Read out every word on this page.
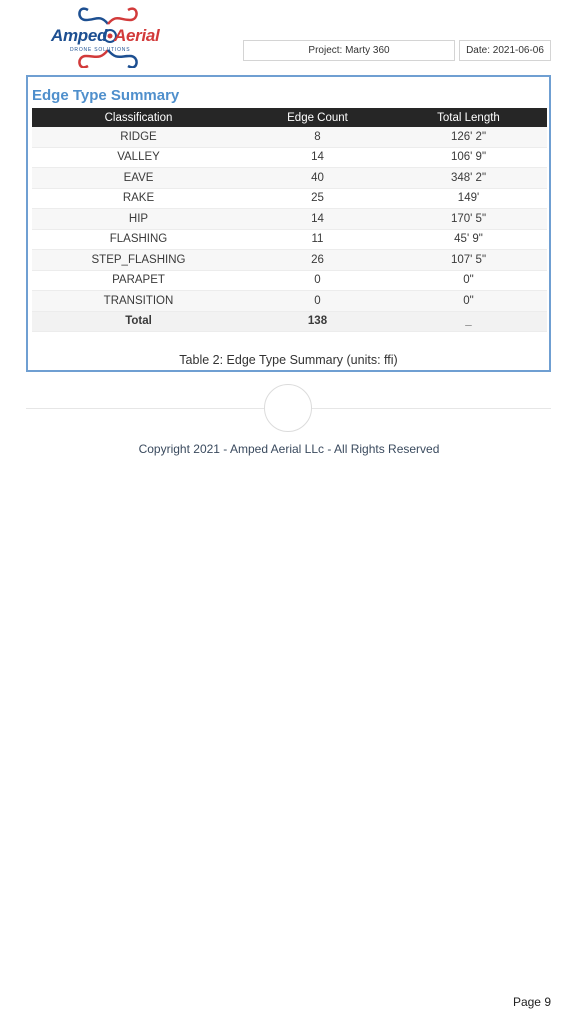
Amped Aerial
DRONE SOLUTIONS	Project: Marty 360	Date: 2021-06-06
Edge Type Summary
Classification	Edge Count	Total Length
RIDGE	8	126' 2"
VALLEY	14	106' 9"
EAVE	40	348' 2"
RAKE	25	149'
HIP	14	170' 5"
FLASHING	11	45' 9"
STEP_FLASHING	26	107' 5"
PARAPET	0	0"
TRANSITION	0	0"
Total	138	_
Table 2: Edge Type Summary (units: ffi)
Copyright 2021 - Amped Aerial LLc - All Rights Reserved
Page 9
